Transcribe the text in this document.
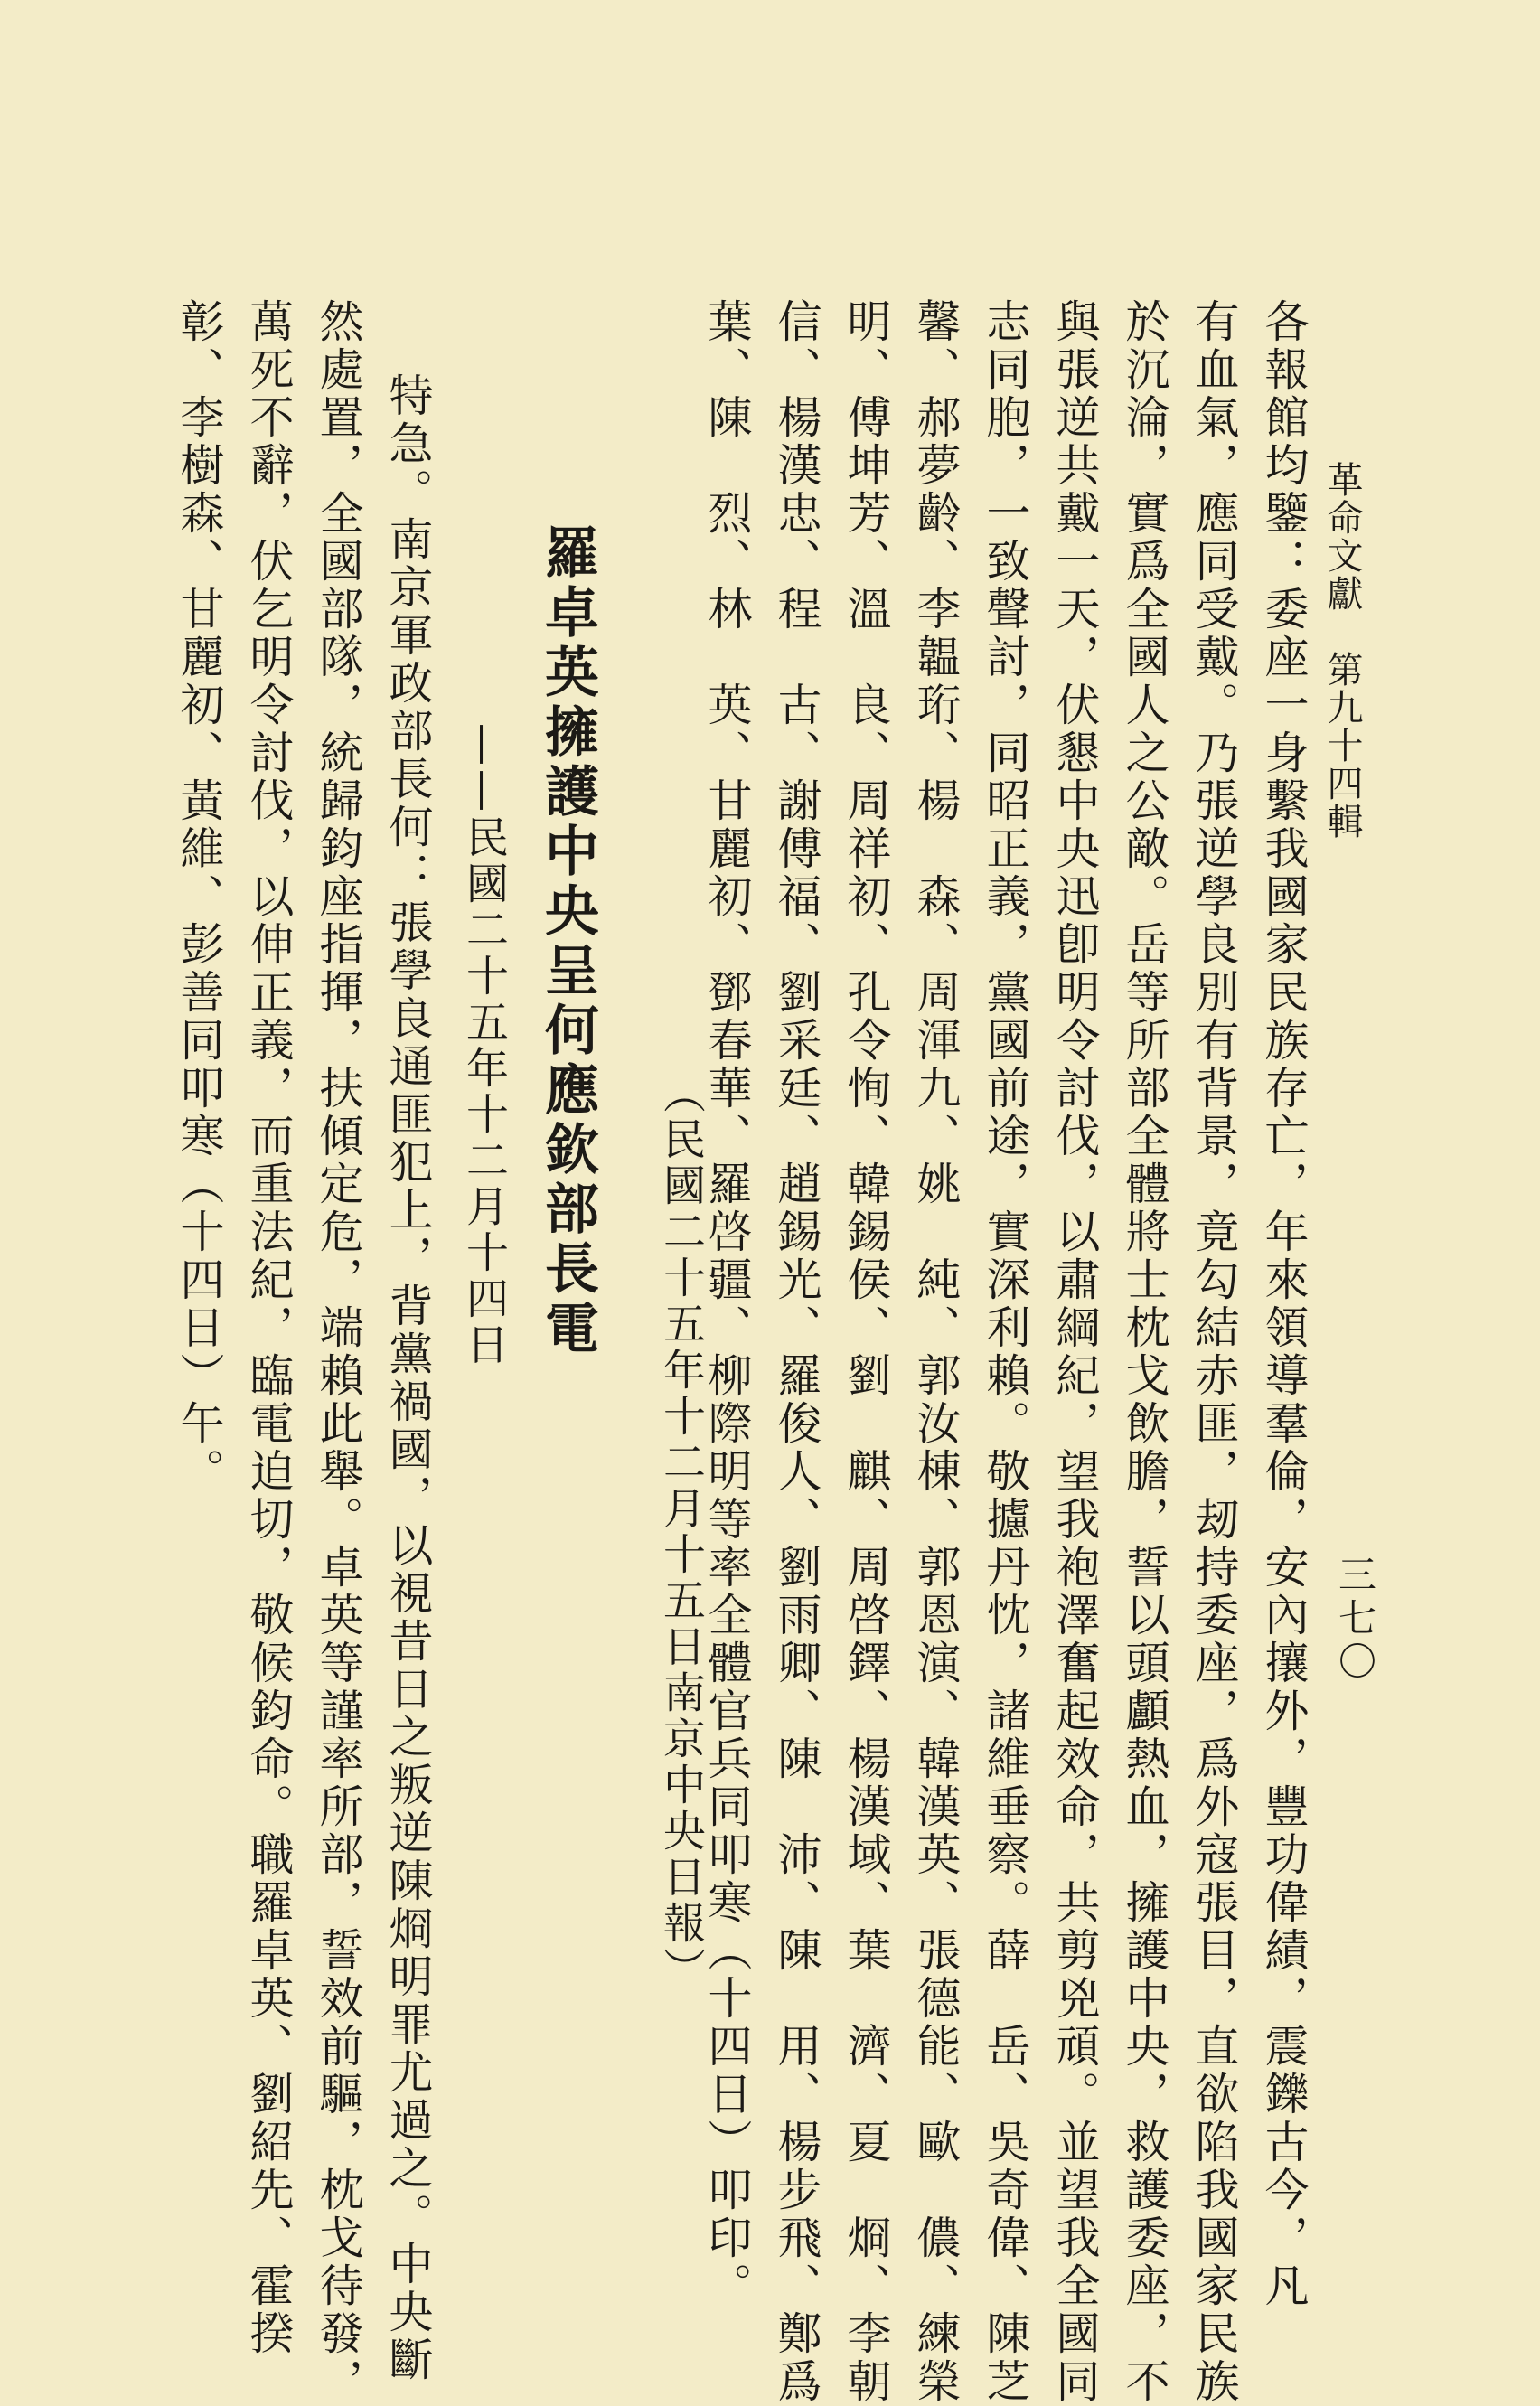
革命文獻　第九十四輯
三七〇

各報館均鑒：委座一身繫我國家民族存亡，年來領導羣倫，安內攘外，豐功偉績，震鑠古今，凡

有血氣，應同受戴。乃張逆學良別有背景，竟勾結赤匪，刼持委座，爲外寇張目，直欲陷我國家民族

於沉淪，實爲全國人之公敵。岳等所部全體將士枕戈飲膽，誓以頭顱熱血，擁護中央，救護委座，不

與張逆共戴一天，伏懇中央迅卽明令討伐，以肅綱紀，望我袍澤奮起效命，共剪兇頑。並望我全國同

志同胞，一致聲討，同昭正義，黨國前途，實深利賴。敬攄丹忱，諸維垂察。薛　岳、吳奇偉、陳芝

馨、郝夢齡、李韞珩、楊　森、周渾九、姚　純、郭汝棟、郭恩演、韓漢英、張德能、歐　儂、練榮

明、傅坤芳、溫　良、周祥初、孔令恂、韓錫侯、劉　麒、周啓鐸、楊漢域、葉　濟、夏　烱、李朝

信、楊漢忠、程　古、謝傅福、劉采廷、趙錫光、羅俊人、劉雨卿、陳　沛、陳　用、楊步飛、鄭爲

葉、陳　烈、林　英、甘麗初、鄧春華、羅啓疆、柳際明等率全體官兵同叩寒（十四日）叩印。

（民國二十五年十二月十五日南京中央日報）
羅卓英擁護中央呈何應欽部長電
——民國二十五年十二月十四日

特急。南京軍政部長何：張學良通匪犯上，背黨禍國，以視昔日之叛逆陳烱明罪尤過之。中央斷

然處置，全國部隊，統歸鈞座指揮，扶傾定危，端賴此舉。卓英等謹率所部，誓效前驅，枕戈待發，

萬死不辭，伏乞明令討伐，以伸正義，而重法紀，臨電迫切，敬候鈞命。職羅卓英、劉紹先、霍揆

彰、李樹森、甘麗初、黃維、彭善同叩寒（十四日）午。
